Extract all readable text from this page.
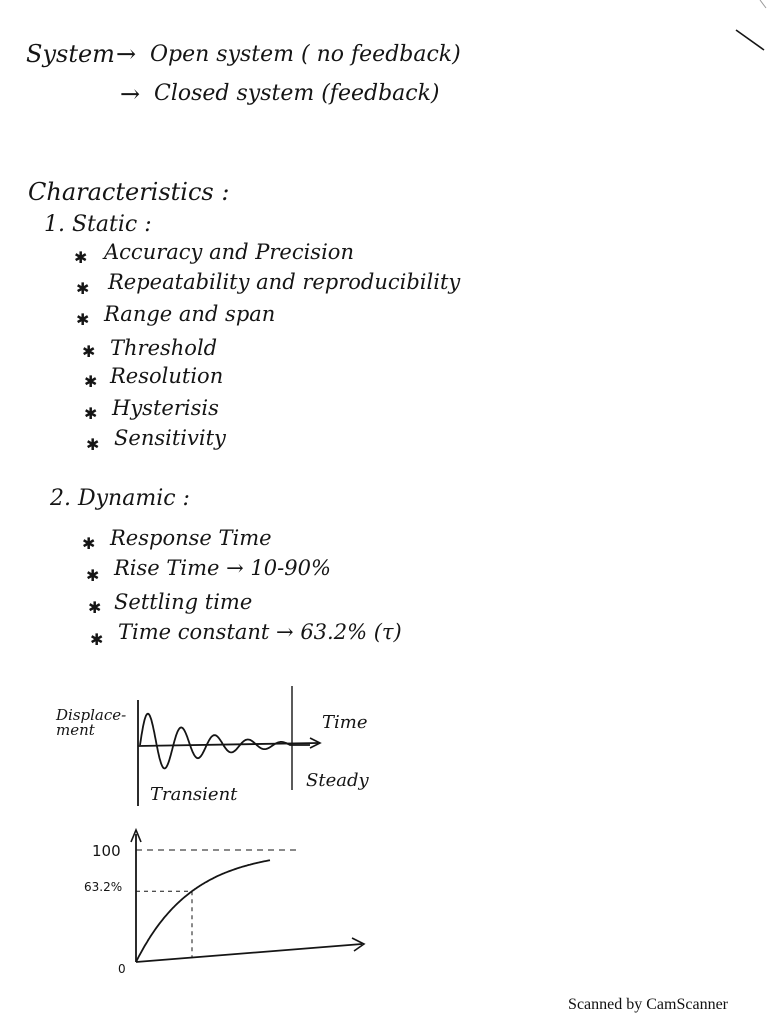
System → Open system ( no feedback)
→ Closed system (feedback)
Characteristics :
1. Static :
✱ Accuracy and Precision
✱ Repeatability and reproducibility
✱ Range and span
✱ Threshold
✱ Resolution
✱ Hysterisis
✱ Sensitivity
2. Dynamic :
✱ Response Time
✱ Rise Time → 10-90%
✱ Settling time
✱ Time constant → 63.2% (τ)
Displace-
ment	Time
Transient
Steady
100
63.2%
0
Scanned by CamScanner
